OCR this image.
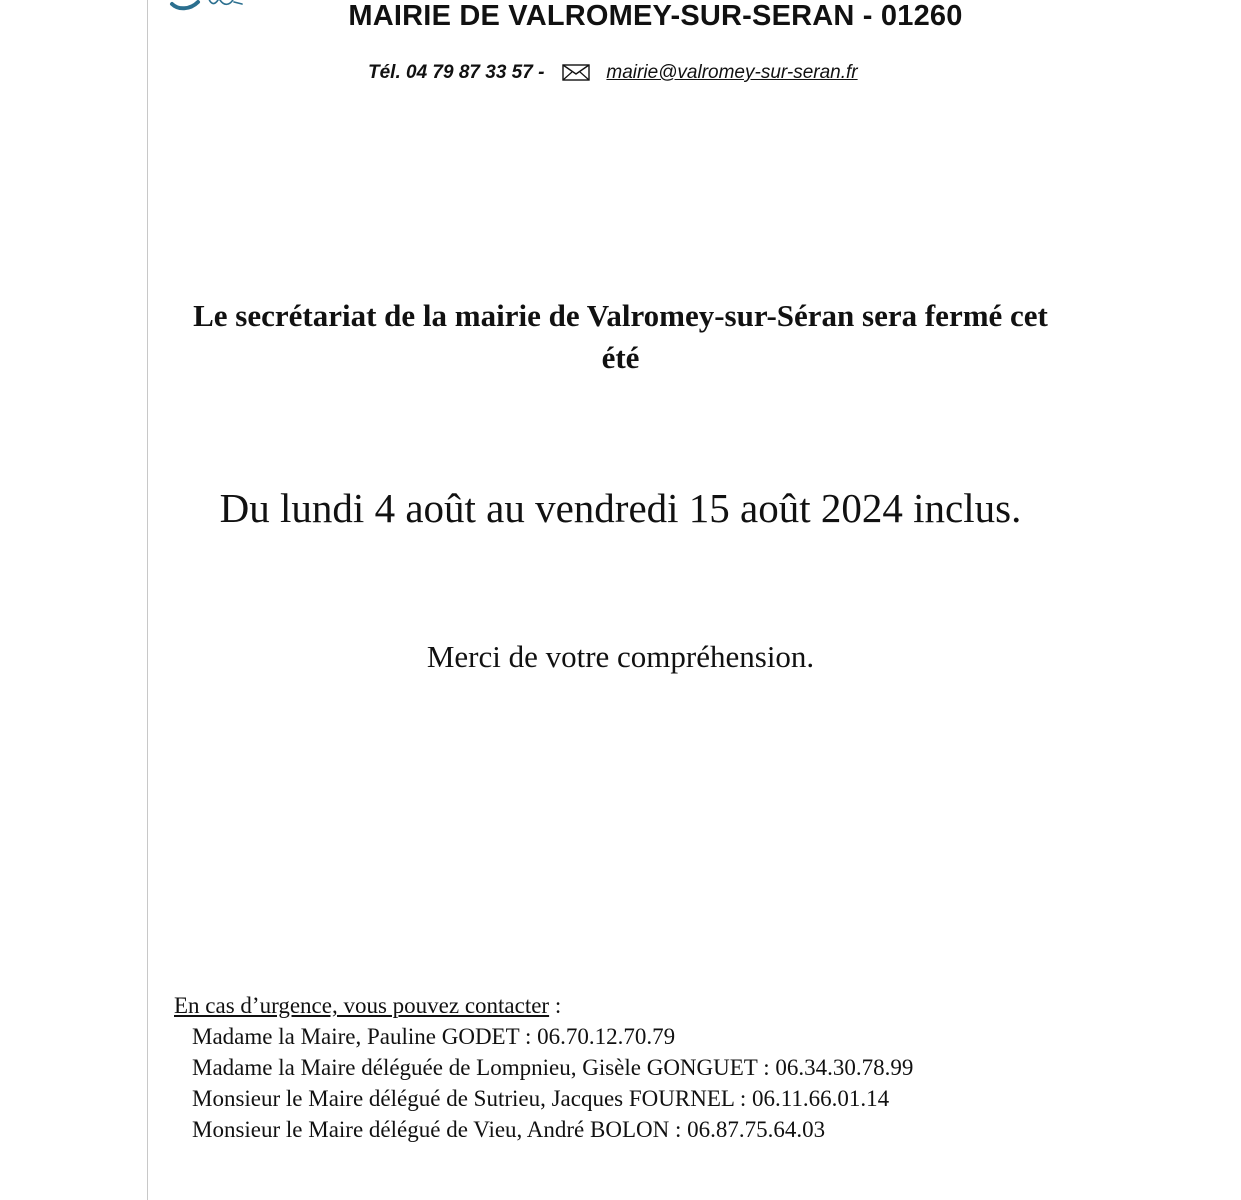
MAIRIE DE VALROMEY-SUR-SERAN - 01260
Tél. 04 79 87 33 57 -	mairie@valromey-sur-seran.fr
Le secrétariat de la mairie de Valromey-sur-Séran sera fermé cet été
Du lundi 4 août au vendredi 15 août 2024 inclus.
Merci de votre compréhension.
En cas d’urgence, vous pouvez contacter :
Madame la Maire, Pauline GODET : 06.70.12.70.79
Madame la Maire déléguée de Lompnieu, Gisèle GONGUET : 06.34.30.78.99
Monsieur le Maire délégué de Sutrieu, Jacques FOURNEL : 06.11.66.01.14
Monsieur le Maire délégué de Vieu, André BOLON : 06.87.75.64.03
